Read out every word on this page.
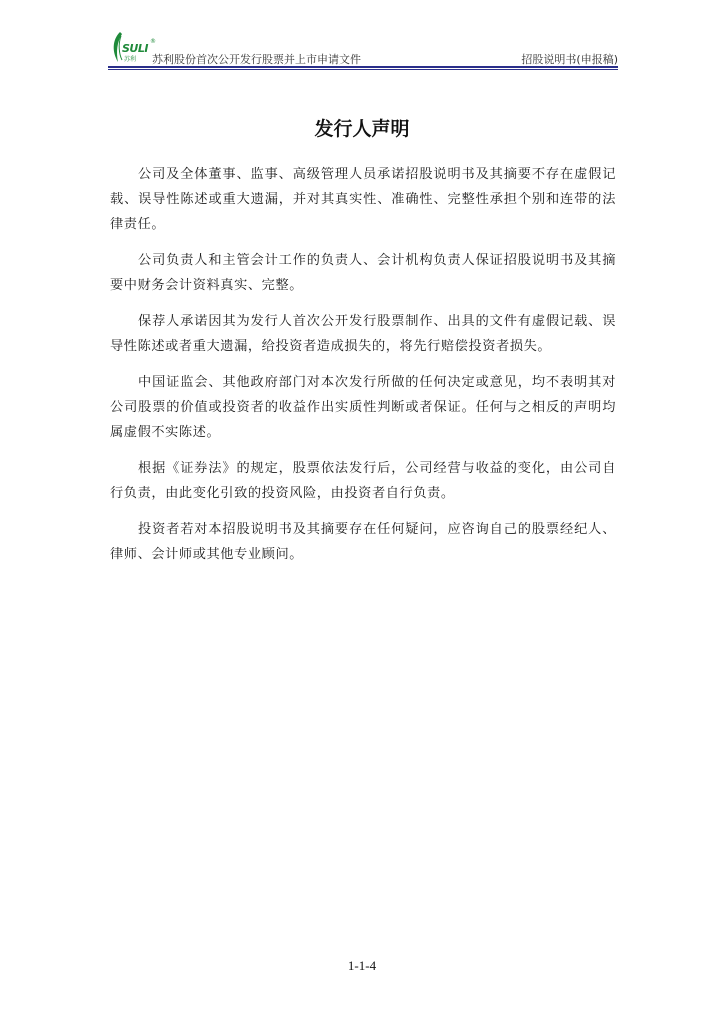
SULI
®
苏利 苏利股份首次公开发行股票并上市申请文件	招股说明书(申报稿)
发行人声明

公司及全体董事、监事、高级管理人员承诺招股说明书及其摘要不存在虚假记载、误导性陈述或重大遗漏，并对其真实性、准确性、完整性承担个别和连带的法律责任。

公司负责人和主管会计工作的负责人、会计机构负责人保证招股说明书及其摘要中财务会计资料真实、完整。

保荐人承诺因其为发行人首次公开发行股票制作、出具的文件有虚假记载、误导性陈述或者重大遗漏，给投资者造成损失的，将先行赔偿投资者损失。

中国证监会、其他政府部门对本次发行所做的任何决定或意见，均不表明其对公司股票的价值或投资者的收益作出实质性判断或者保证。任何与之相反的声明均属虚假不实陈述。

根据《证券法》的规定，股票依法发行后，公司经营与收益的变化，由公司自行负责，由此变化引致的投资风险，由投资者自行负责。

投资者若对本招股说明书及其摘要存在任何疑问，应咨询自己的股票经纪人、律师、会计师或其他专业顾问。

1-1-4
